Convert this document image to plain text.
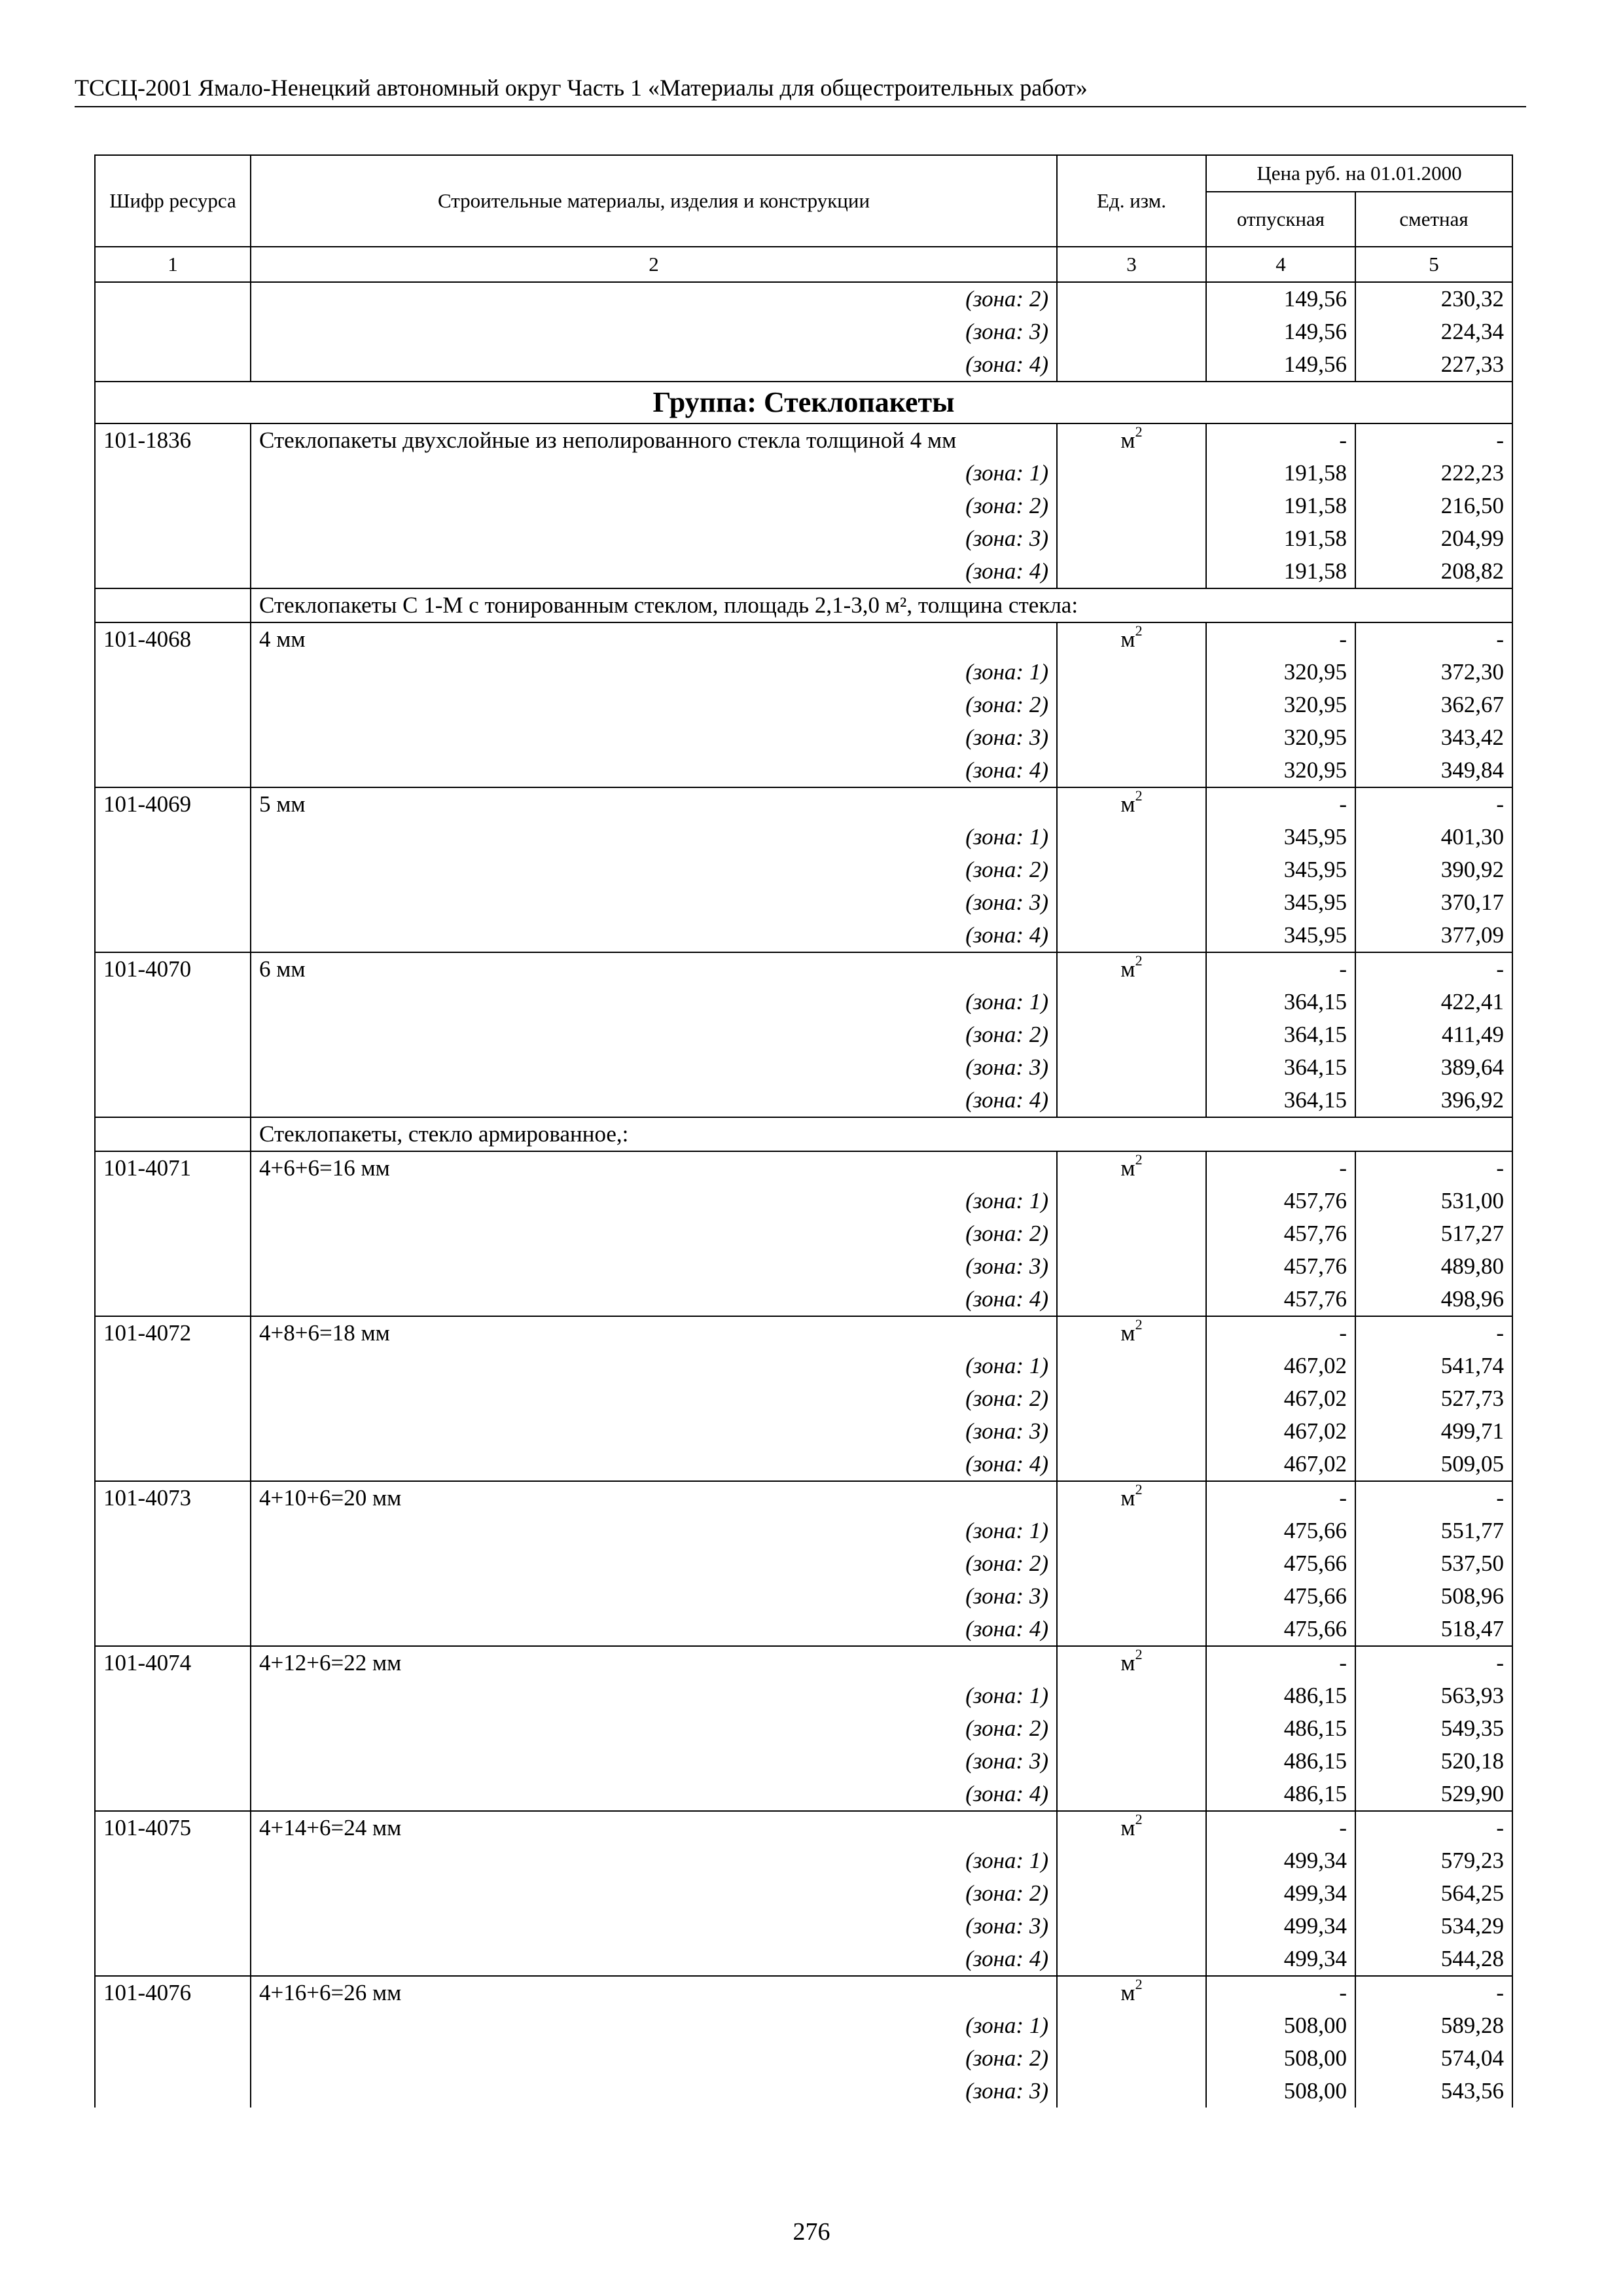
ТССЦ-2001 Ямало-Ненецкий автономный округ Часть 1 «Материалы для общестроительных работ»
Шифр ресурса	Строительные материалы, изделия и конструкции	Ед. изм.	Цена руб. на 01.01.2000	
			отпускная	сметная
1	2	3	4	5
	(зона: 2)		149,56	230,32
	(зона: 3)		149,56	224,34
	(зона: 4)		149,56	227,33
Группа: Стеклопакеты				
101-1836	Стеклопакеты двухслойные из неполированного стекла толщиной 4 мм	$м^2$	-	-
	(зона: 1)		191,58	222,23
	(зона: 2)		191,58	216,50
	(зона: 3)		191,58	204,99
	(зона: 4)		191,58	208,82
	Стеклопакеты С 1-М с тонированным стеклом, площадь 2,1-3,0 м², толщина стекла:			
101-4068	4 мм	$м^2$	-	-
	(зона: 1)		320,95	372,30
	(зона: 2)		320,95	362,67
	(зона: 3)		320,95	343,42
	(зона: 4)		320,95	349,84
101-4069	5 мм	$м^2$	-	-
	(зона: 1)		345,95	401,30
	(зона: 2)		345,95	390,92
	(зона: 3)		345,95	370,17
	(зона: 4)		345,95	377,09
101-4070	6 мм	$м^2$	-	-
	(зона: 1)		364,15	422,41
	(зона: 2)		364,15	411,49
	(зона: 3)		364,15	389,64
	(зона: 4)		364,15	396,92
	Стеклопакеты, стекло армированное,:			
101-4071	4+6+6=16 мм	$м^2$	-	-
	(зона: 1)		457,76	531,00
	(зона: 2)		457,76	517,27
	(зона: 3)		457,76	489,80
	(зона: 4)		457,76	498,96
101-4072	4+8+6=18 мм	$м^2$	-	-
	(зона: 1)		467,02	541,74
	(зона: 2)		467,02	527,73
	(зона: 3)		467,02	499,71
	(зона: 4)		467,02	509,05
101-4073	4+10+6=20 мм	$м^2$	-	-
	(зона: 1)		475,66	551,77
	(зона: 2)		475,66	537,50
	(зона: 3)		475,66	508,96
	(зона: 4)		475,66	518,47
101-4074	4+12+6=22 мм	$м^2$	-	-
	(зона: 1)		486,15	563,93
	(зона: 2)		486,15	549,35
	(зона: 3)		486,15	520,18
	(зона: 4)		486,15	529,90
101-4075	4+14+6=24 мм	$м^2$	-	-
	(зона: 1)		499,34	579,23
	(зона: 2)		499,34	564,25
	(зона: 3)		499,34	534,29
	(зона: 4)		499,34	544,28
101-4076	4+16+6=26 мм	$м^2$	-	-
	(зона: 1)		508,00	589,28
	(зона: 2)		508,00	574,04
	(зона: 3)		508,00	543,56
276
